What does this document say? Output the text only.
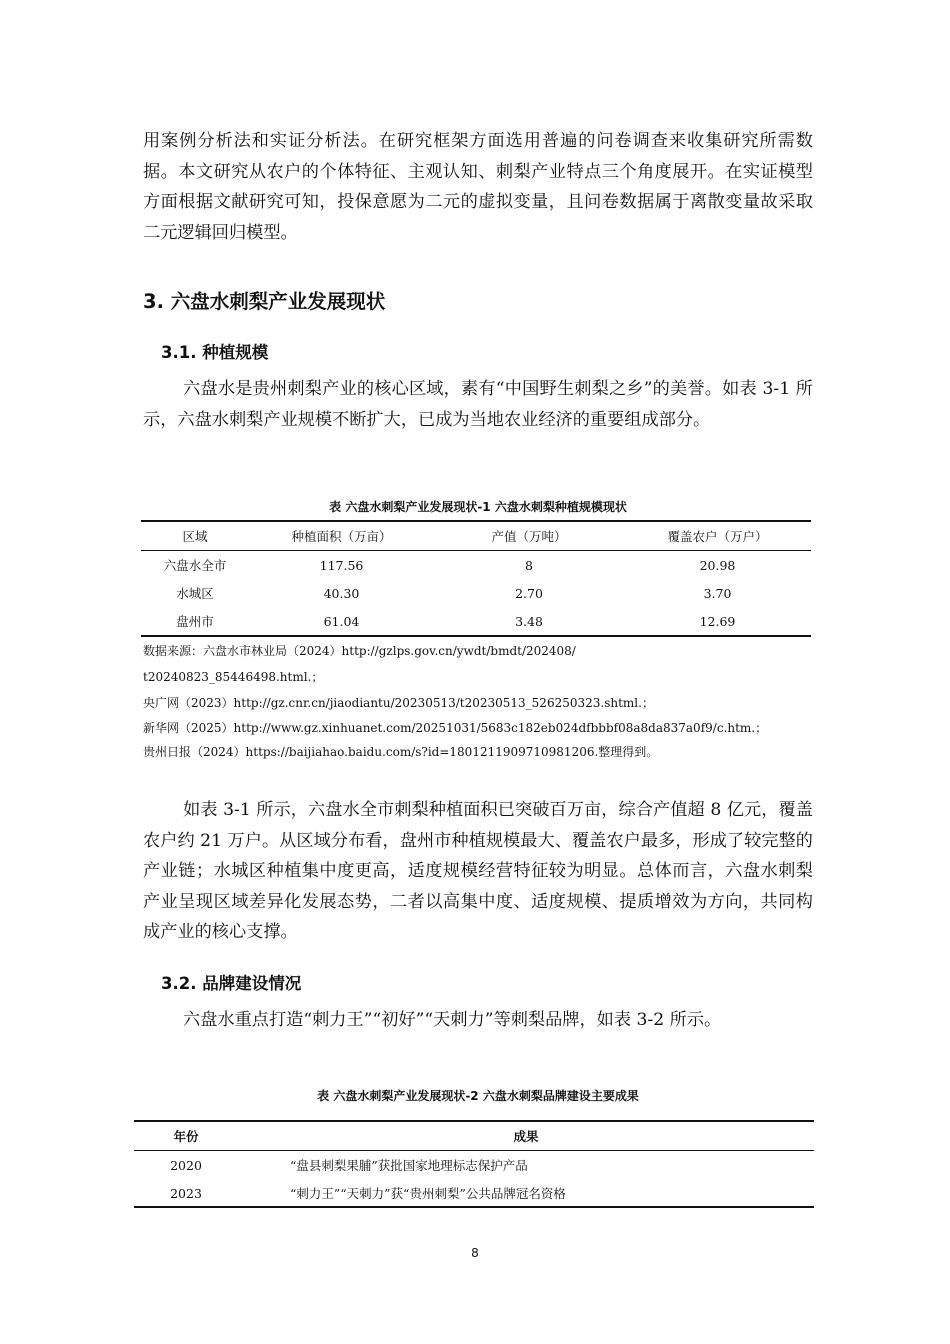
用案例分析法和实证分析法。在研究框架方面选用普遍的问卷调查来收集研究所需数据。本文研究从农户的个体特征、主观认知、刺梨产业特点三个角度展开。在实证模型方面根据文献研究可知，投保意愿为二元的虚拟变量，且问卷数据属于离散变量故采取二元逻辑回归模型。

3. 六盘水刺梨产业发展现状
3.1. 种植规模

六盘水是贵州刺梨产业的核心区域，素有“中国野生刺梨之乡”的美誉。如表 3-1 所示，六盘水刺梨产业规模不断扩大，已成为当地农业经济的重要组成部分。

表 六盘水刺梨产业发展现状-1 六盘水刺梨种植规模现状

区域	种植面积（万亩）	产值（万吨）	覆盖农户（万户）
六盘水全市	117.56	8	20.98
水城区	40.30	2.70	3.70
盘州市	61.04	3.48	12.69

数据来源：六盘水市林业局（2024）http://gzlps.gov.cn/ywdt/bmdt/202408/

t20240823_85446498.html.；

央广网（2023）http://gz.cnr.cn/jiaodiantu/20230513/t20230513_526250323.shtml.；

新华网（2025）http://www.gz.xinhuanet.com/20251031/5683c182eb024dfbbbf08a8da837a0f9/c.htm.；

贵州日报（2024）https://baijiahao.baidu.com/s?id=1801211909710981206.整理得到。

如表 3-1 所示，六盘水全市刺梨种植面积已突破百万亩，综合产值超 8 亿元，覆盖农户约 21 万户。从区域分布看，盘州市种植规模最大、覆盖农户最多，形成了较完整的产业链；水城区种植集中度更高，适度规模经营特征较为明显。总体而言，六盘水刺梨产业呈现区域差异化发展态势，二者以高集中度、适度规模、提质增效为方向，共同构成产业的核心支撑。

3.2. 品牌建设情况

六盘水重点打造“刺力王”“初好”“天刺力”等刺梨品牌，如表 3-2 所示。

表 六盘水刺梨产业发展现状-2 六盘水刺梨品牌建设主要成果

年份	成果
2020	“盘县刺梨果脯”获批国家地理标志保护产品
2023	“刺力王”“天刺力”获“贵州刺梨”公共品牌冠名资格
8
